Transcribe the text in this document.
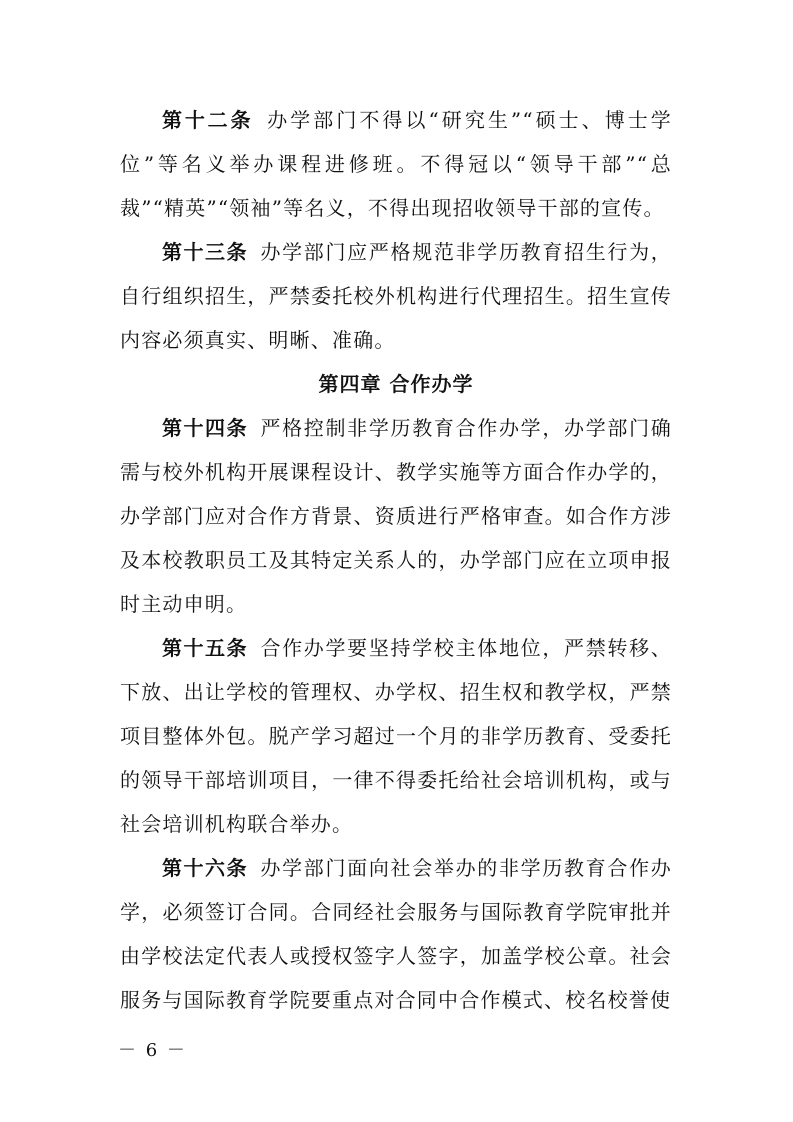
第十二条 办学部门不得以“研究生”“硕士、博士学位”等名义举办课程进修班。不得冠以“领导干部”“总裁”“精英”“领袖”等名义，不得出现招收领导干部的宣传。

第十三条 办学部门应严格规范非学历教育招生行为，自行组织招生，严禁委托校外机构进行代理招生。招生宣传内容必须真实、明晰、准确。

第四章 合作办学

第十四条 严格控制非学历教育合作办学，办学部门确需与校外机构开展课程设计、教学实施等方面合作办学的，办学部门应对合作方背景、资质进行严格审查。如合作方涉及本校教职员工及其特定关系人的，办学部门应在立项申报时主动申明。

第十五条 合作办学要坚持学校主体地位，严禁转移、下放、出让学校的管理权、办学权、招生权和教学权，严禁项目整体外包。脱产学习超过一个月的非学历教育、受委托的领导干部培训项目，一律不得委托给社会培训机构，或与社会培训机构联合举办。

第十六条 办学部门面向社会举办的非学历教育合作办学，必须签订合同。合同经社会服务与国际教育学院审批并由学校法定代表人或授权签字人签字，加盖学校公章。社会服务与国际教育学院要重点对合同中合作模式、校名校誉使

－ 6 －
